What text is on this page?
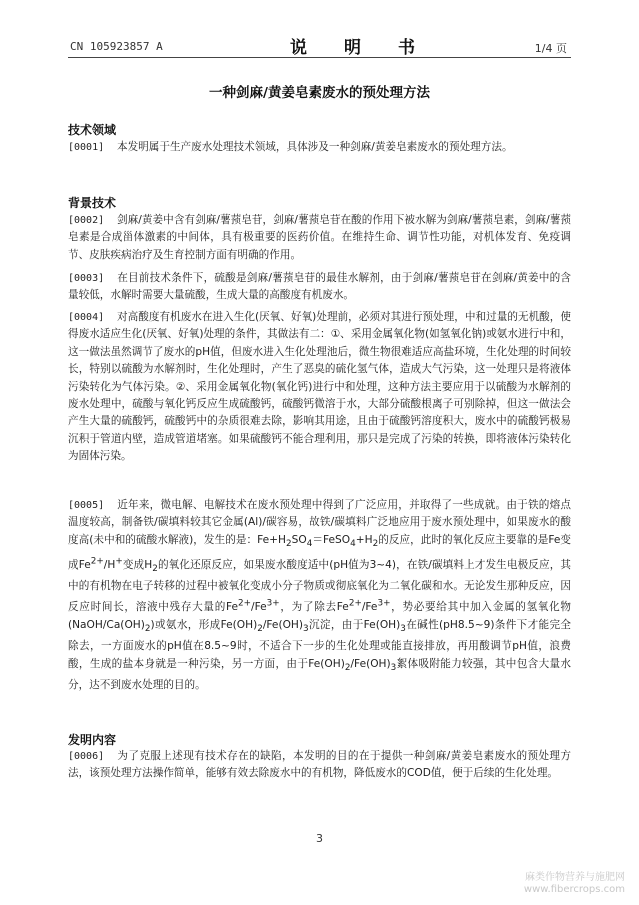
CN 105923857 A	说　明　书	1/4 页
一种剑麻/黄姜皂素废水的预处理方法
技术领域

[0001] 本发明属于生产废水处理技术领域，具体涉及一种剑麻/黄姜皂素废水的预处理方法。

背景技术

[0002] 剑麻/黄姜中含有剑麻/薯蓣皂苷，剑麻/薯蓣皂苷在酸的作用下被水解为剑麻/薯蓣皂素，剑麻/薯蓣皂素是合成甾体激素的中间体，具有极重要的医药价值。在维持生命、调节性功能，对机体发育、免疫调节、皮肤疾病治疗及生育控制方面有明确的作用。

[0003] 在目前技术条件下，硫酸是剑麻/薯蓣皂苷的最佳水解剂，由于剑麻/薯蓣皂苷在剑麻/黄姜中的含量较低，水解时需要大量硫酸，生成大量的高酸度有机废水。

[0004] 对高酸度有机废水在进入生化(厌氧、好氧)处理前，必须对其进行预处理，中和过量的无机酸，使得废水适应生化(厌氧、好氧)处理的条件，其做法有二：①、采用金属氧化物(如氢氧化钠)或氨水进行中和，这一做法虽然调节了废水的pH值，但废水进入生化处理池后，微生物很难适应高盐环境，生化处理的时间较长，特别以硫酸为水解剂时，生化处理时，产生了恶臭的硫化氢气体，造成大气污染，这一处理只是将液体污染转化为气体污染。②、采用金属氧化物(氧化钙)进行中和处理，这种方法主要应用于以硫酸为水解剂的废水处理中，硫酸与氧化钙反应生成硫酸钙，硫酸钙微溶于水，大部分硫酸根离子可别除掉，但这一做法会产生大量的硫酸钙，硫酸钙中的杂质很难去除，影响其用途，且由于硫酸钙溶度积大，废水中的硫酸钙极易沉积于管道内壁，造成管道堵塞。如果硫酸钙不能合理利用，那只是完成了污染的转换，即将液体污染转化为固体污染。

[0005] 近年来，微电解、电解技术在废水预处理中得到了广泛应用，并取得了一些成就。由于铁的熔点温度较高，制备铁/碳填料较其它金属(Al)/碳容易，故铁/碳填料广泛地应用于废水预处理中，如果废水的酸度高(未中和的硫酸水解液)，发生的是：$Fe+H_2SO_4=FeSO_4+H_2$的反应，此时的氧化反应主要靠的是Fe变成$Fe^{2+}/H^+$变成$H_2$的氧化还原反应，如果废水酸度适中(pH值为3~4)，在铁/碳填料上才发生电极反应，其中的有机物在电子转移的过程中被氧化变成小分子物质或彻底氧化为二氧化碳和水。无论发生那种反应，因反应时间长，溶液中残存大量的$Fe^{2+}/Fe^{3+}$，为了除去$Fe^{2+}/Fe^{3+}$，势必要给其中加入金属的氢氧化物$(NaOH/Ca(OH)_2)$或氨水，形成$Fe(OH)_2/Fe(OH)_3$沉淀，由于$Fe(OH)_3$在碱性(pH8.5~9)条件下才能完全除去，一方面废水的pH值在8.5~9时，不适合下一步的生化处理或能直接排放，再用酸调节pH值，浪费酸，生成的盐本身就是一种污染，另一方面，由于$Fe(OH)_2/Fe(OH)_3$絮体吸附能力较强，其中包含大量水分，达不到废水处理的目的。

发明内容

[0006] 为了克服上述现有技术存在的缺陷，本发明的目的在于提供一种剑麻/黄姜皂素废水的预处理方法，该预处理方法操作简单，能够有效去除废水中的有机物，降低废水的COD值，便于后续的生化处理。

3
麻类作物营养与施肥网
www.fibercrops.com
